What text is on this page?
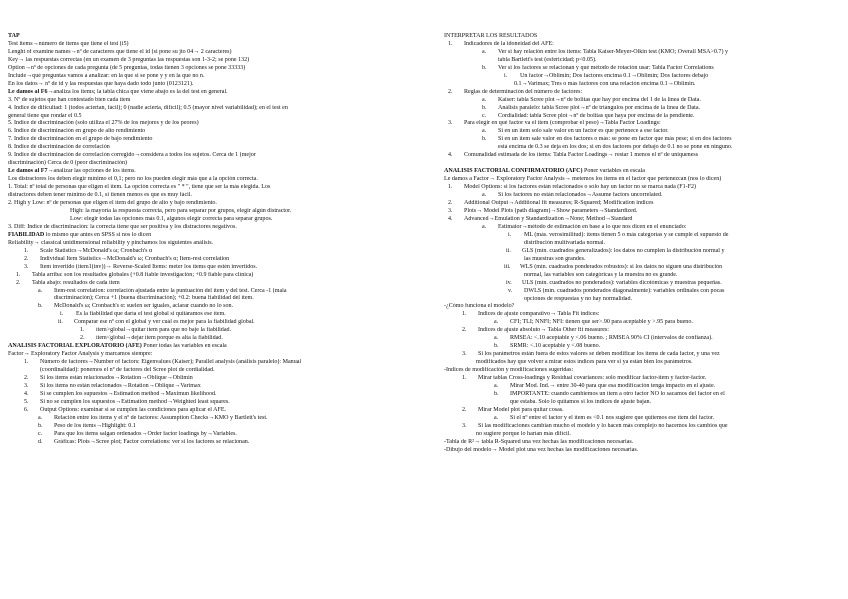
TAP
Test items→número de items que tiene el test (i5)
Lenght of examine names→nº de caracteres que tiene el id (si pone su jto 04→ 2 caracteres)
Key→ las respuestas correctas (en un examen de 3 preguntas las respuestas son 1-3-2; se pone 132)
Option→nº de opciones de cada pregunta (de 5 preguntas, todas tienen 3 opciones se pone 33333)
Include→qué preguntas vamos a analizar: en la que si se pone y y en la que no n.
En los datos→ nº de id y las respuestas que haya dado todo junto (0123121).
Le damos al F6→analiza los items; la tabla chica que viene abajo es la del test en general.
3. Nº de sujetos que han contestado bien cada ítem
4. Índice de dificultad: 1 (todos aciertan, fácil); 0 (nadie acierta, difícil); 0.5 (mayor nivel variabilidad); en el test en
general tiene que rondar el 0.5
5. Índice de discriminación (solo utiliza el 27% de los mejores y de los peores)
6. Índice de discriminación en grupo de alto rendimiento
7. Índice de discriminación en el grupo de bajo rendimiento
8. Índice de discriminación de correlación
9. Índice de discriminación de correlación corregido→considera a todos los sujetos. Cerca de 1 (mejor
discriminación) Cerca de 0 (peor discriminación)
Le damos al F7→analizar las opciones de los ítems.
Los distractores los deben elegir mínimo el 0,1; pero no los pueden elegir más que a la opción correcta.
1. Total: nº total de personas que eligen el ítem. La opción correcta es " * ", tiene que ser la más elegida. Los
distractores deben tener mínimo de 0.1, si tienen menos es que es muy fácil.
2. High y Low: nº de personas que eligen el ítem del grupo de alto y bajo rendimiento.
High: la mayoría la respuesta correcta, pero para separar por grupos, elegir algún distractor.
Low: elegir todas las opciones más 0.1, algunos elegir correcta para separar grupos.
3. Diff: Índice de discriminación: la correcta tiene que ser positiva y los distractores negativos.
FIABILIDAD lo mismo que antes en SPSS si nos lo dicen
Reliability→ classical unidimensional reliability y pinchamos los siguientes análisis.
1.	Scale Statistics→McDonald's ω; Cronbach's α
2.	Individual Item Statistics→McDonald's ω; Cronbach's α; Item-rest correlation
3.	Ítem invertido (ítem1(inv))→ Reverse-Scaled Items: meter los ítems que estén invertidos.
1.	Tabla arriba: son los resultados globales (+0.8 fiable investigación; +0.9 fiable para clínica)
2.	Tabla abajo: resultados de cada ítem
a.	Item-rest correlation: correlación ajustada entre la puntuación del ítem y del test. Cerca -1 (mala
discriminación); Cerca +1 (buena discriminación); +0.2: buena fiabilidad del ítem.
b.	McDonald's ω; Cronbach's α: suelen ser iguales, aclarar cuando no lo son.
i.	Es la fiabilidad que daría el test global si quitáramos ese ítem.
ii.	Comparar ese nº con el global y ver cuál es mejor para la fiabilidad global.
1.	ítem>global→quitar ítem para que no baje la fiabilidad.
2.	ítem<global→dejar ítem porque es alta la fiabilidad.
ANÁLISIS FACTORIAL EXPLORATORIO (AFE) Poner todas las variables en escala
Factor→ Exploratory Factor Analysis y marcamos siempre:
1.	Número de factores→Number of factors: Eigenvalues (Kaiser); Parallel analysis (análisis paralelo): Manual
(coordinalidad): ponemos el nº de factores del Scree plot de cordialidad.
2.	Si los ítems están relacionados→Rotation→Oblique→Oblimin
3.	Si los ítems no están relacionados→Rotation→Oblique→Varimax
4.	Si se cumplen los supuestos→Estimation method→Maximun likelihood.
5.	Si no se cumplen los supuestos→Estimation method→Weighted least squares.
6.	Output Options: examinar si se cumplen las condiciones para aplicar el AFE.
a.	Relación entre los ítems y el nº de factores: Assumption Checks→KMO y Bartlett's test.
b.	Peso de los ítems→Highlight: 0.1
c.	Para que los ítems salgan ordenados→Order factor loadings by→Variables.
d.	Gráficas: Plots→Scree plot; Factor correlations: ver si los factores se relacionan.
INTERPRETAR LOS RESULTADOS
1.	Indicadores de la idoneidad del AFE:
a.	Ver si hay relación entre los ítems: Tabla Kaiser-Meyer-Olkin test (KMO; Overall MSA>0.7) y
tabla Bartlett's test (esfericidad; p<0.05).
b.	Ver si los factores se relacionan y qué método de rotación usar: Tabla Factor Correlations
i.	Un factor→Oblimin; Dos factores encima 0.1→Oblimin; Dos factores debajo
0.1→Varimax; Tres o más factores con una relación encima 0.1→Oblimin.
2.	Reglas de determinación del número de factores:
a.	Kaiser: tabla Scree plot→nº de bolitas que hay por encima del 1 de la línea de Data.
b.	Análisis paralelo: tabla Scree plot→nº de triángulos por encima de la línea de Data.
c.	Cordialidad: tabla Scree plot→nº de bolitas que haya por encima de la pendiente.
3.	Para elegir en qué factor va el ítem (comprobar el peso)→Tabla Factor Loadings:
a.	Si en un ítem solo sale valor en un factor es que pertenece a ese factor.
b.	Si en un ítem sale valor en dos factores o más: se pone en factor que más pese; si en dos factores
está encima de 0.3 se deja en los dos; si en dos factores por debajo de 0.1 no se pone en ninguno.
4.	Comunalidad estimada de los ítems: Tabla Factor Loadings→ restar 1 menos el nº de uniqueness
ANÁLISIS FACTORIAL CONFIRMATORIO (AFC) Poner variables en escala
Le damos a Factor→ Exploratory Factor Analysis→ metemos los ítems en el factor que pertenezcan (nos lo dicen)
1.	Model Options: si los factores están relacionados o solo hay un factor no se marca nada (F1-F2)
a.	Si los factores no están relacionados→Assume factors uncorrelated.
2.	Additional Output→Additional fit measures; R-Squared; Modification indices
3.	Plots→ Model Plots (path diagram)→Show parameters→Standardized.
4.	Advanced→Emulation y Standardization→None; Method→Standard
a.	Estimator→método de estimación en base a lo que nos dicen en el enunciado:
i.	ML (más. verosimilitud): ítems tienen 5 o más categorías y se cumple el supuesto de
distribución multivariada normal.
ii.	GLS (mín. cuadrados generalizados): los datos no cumplen la distribución normal y
las muestras son grandes.
iii.	WLS (mín. cuadrados ponderados robustos): si los datos no siguen una distribución
normal, las variables son categóricas y la muestra no es grande.
iv.	ULS (mín. cuadrados no ponderados): variables dicotómicas y muestras pequeñas.
v.	DWLS (mín. cuadrados ponderados diagonalmente): variables ordinales con pocas
opciones de respuestas y no hay normalidad.
-¿Cómo funciona el modelo?
1.	Índices de ajuste comparativo→ Tabla Fit indices:
a.	CFI; TLI; NNFI; NFI: tienen que ser>.90 para aceptable y >.95 para bueno.
2.	Índices de ajuste absoluto→ Tabla Other fit measures:
a.	RMSEA: <.10 aceptable y <.06 bueno. ; RMSEA 90% CI (intervalos de confianza).
b.	SRMR: <.10 aceptable y <.08 bueno.
3.	Si los parámetros están fuera de estos valores se deben modificar los ítems de cada factor, y una vez
modificados hay que volver a mirar estos índices para ver si ya están bien los parámetros.
-Índices de modificación y modificaciones sugeridas:
1.	Mirar tablas Cross-loadings y Residual covariances: solo modificar factor-ítem y factor-factor.
a.	Mirar Mod. Ind.→ entre 30-40 para que esa modificación tenga impacto en el ajuste.
b.	IMPORTANTE: cuando cambiemos un ítem a otro factor NO lo sacamos del factor en el
que estaba. Solo lo quitamos si los índices de ajuste bajan.
2.	Mirar Model plot para quitar cosas.
a.	Si el nº entre el factor y el ítem es <0.1 nos sugiere que quitemos ese ítem del factor.
3.	Si las modificaciones cambian mucho el modelo y lo hacen más complejo no hacemos los cambios que
no sugiere porque lo harían más difícil.
-Tabla de R²→ tabla R-Squared una vez hechas las modificaciones necesarias.
-Dibujo del modelo→ Model plot una vez hechas las modificaciones necesarias.
